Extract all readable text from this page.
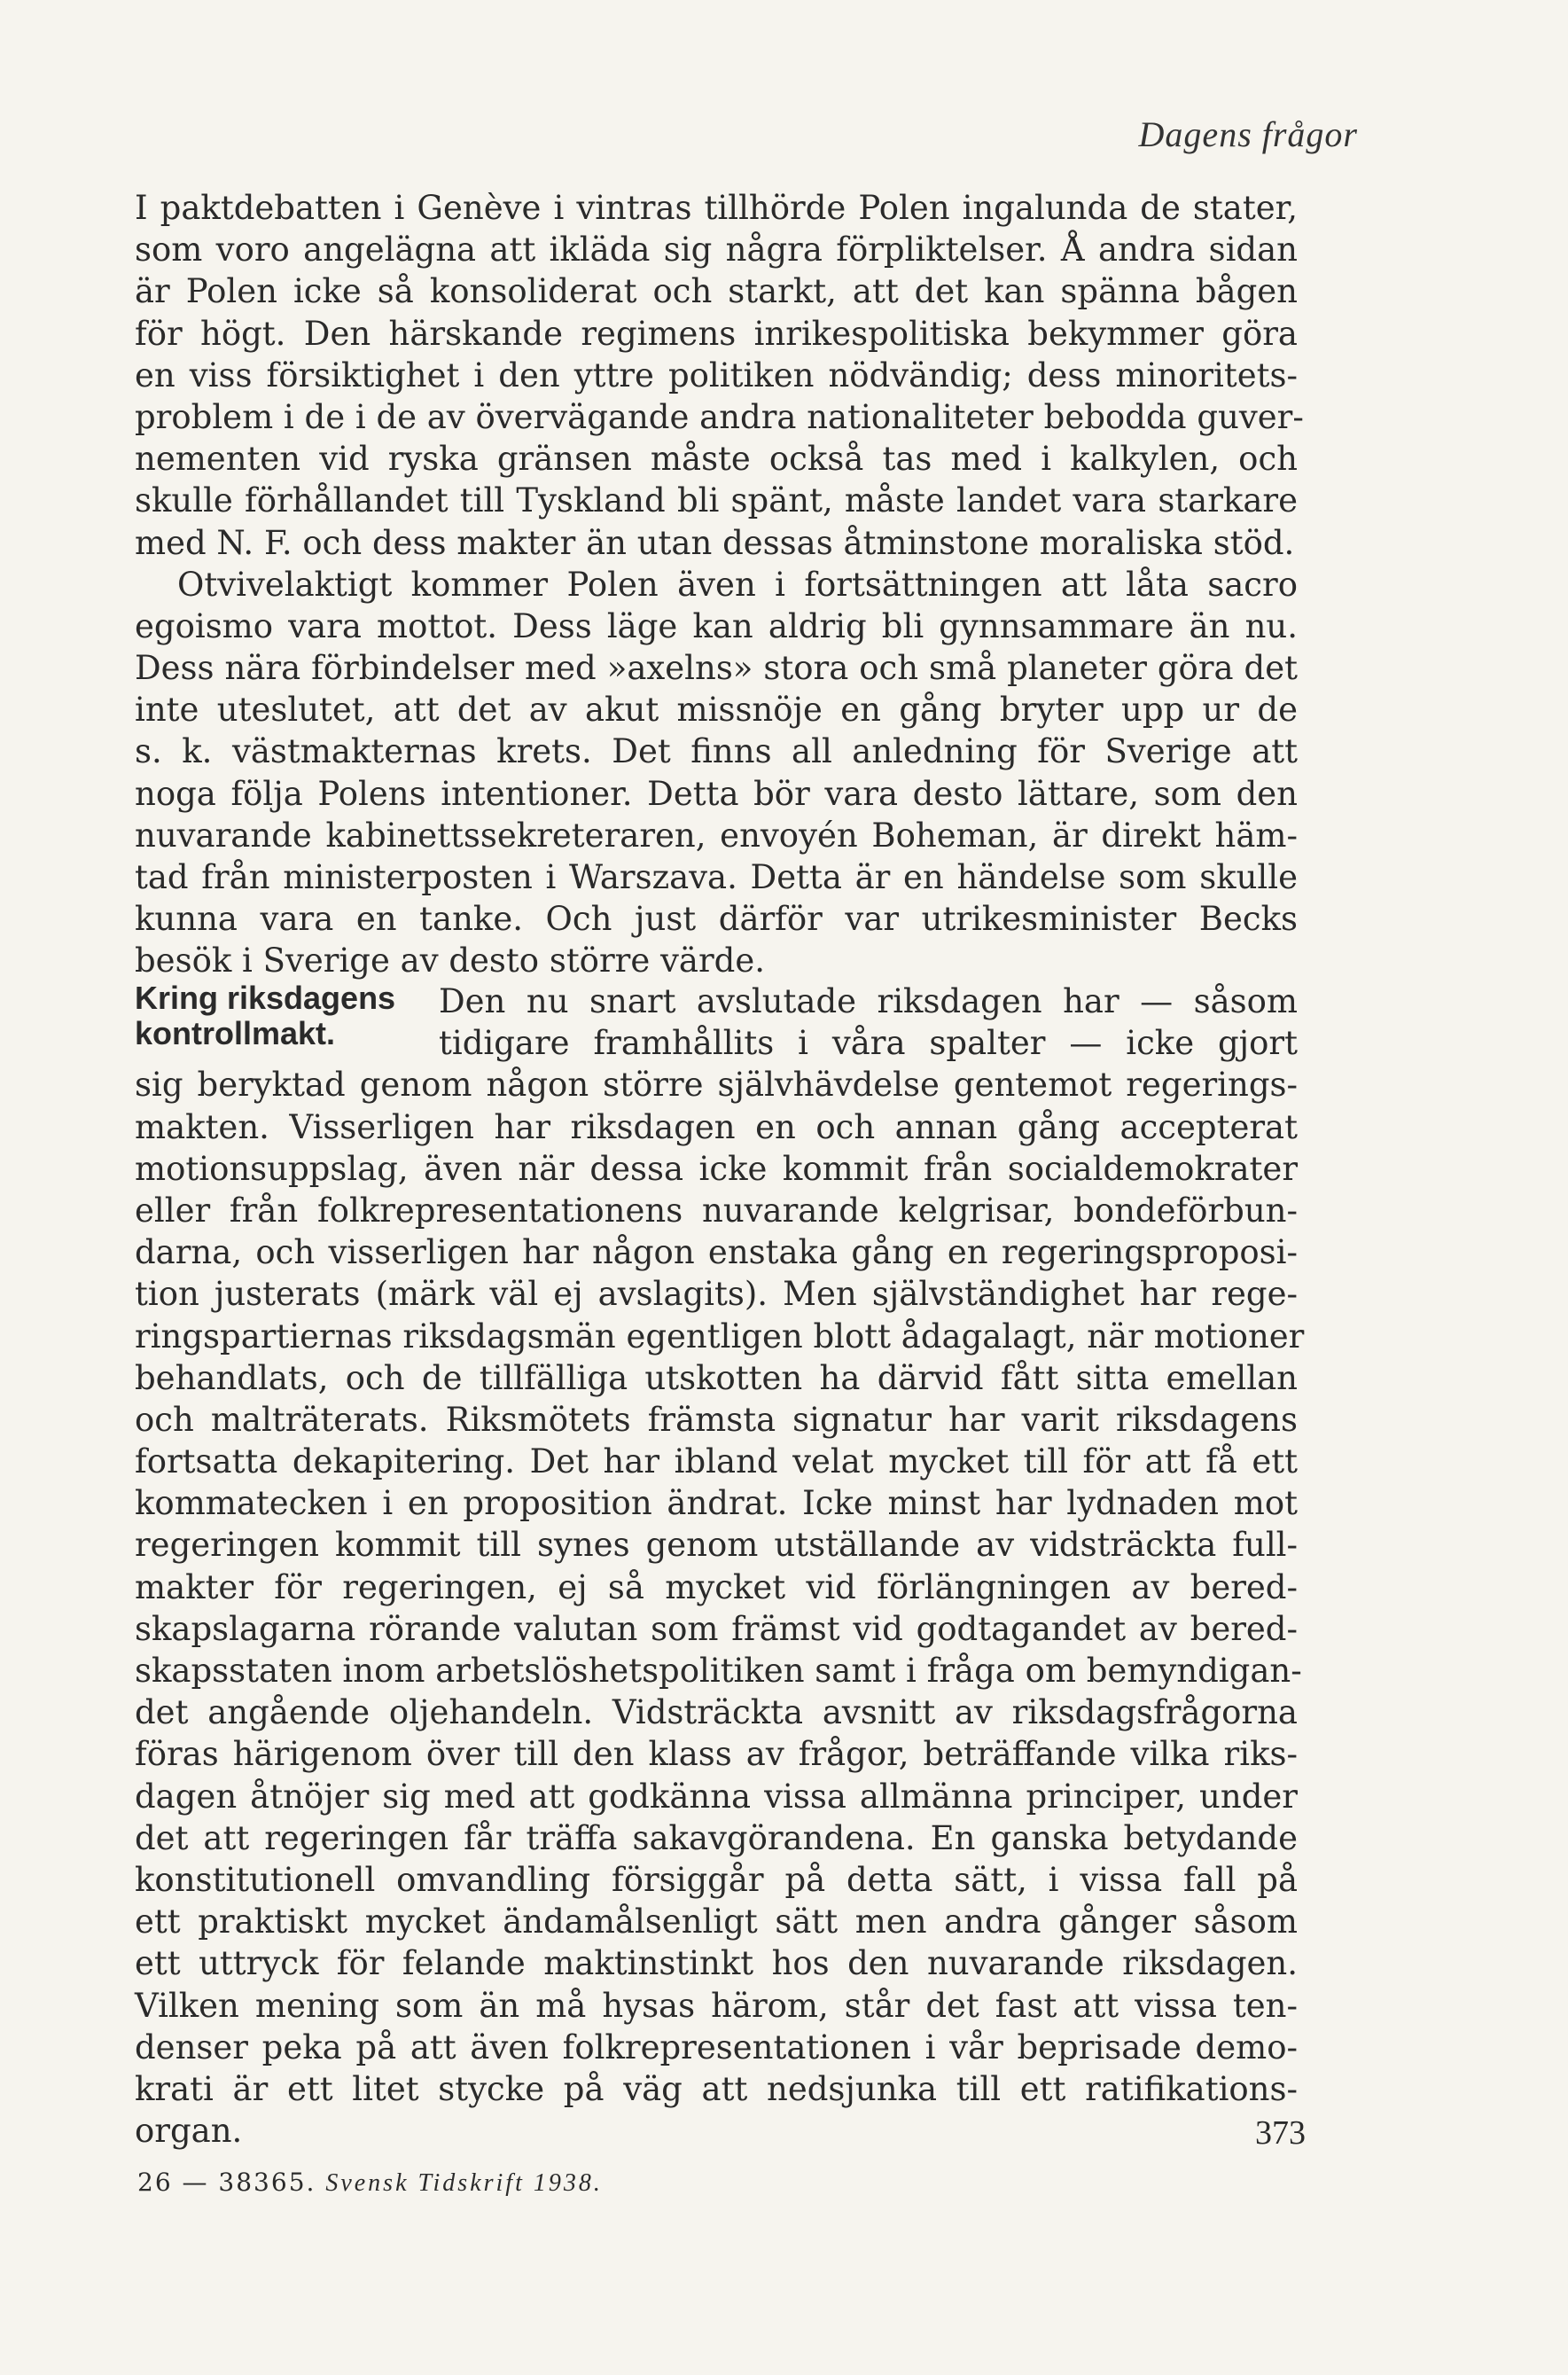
Dagens frågor
I paktdebatten i Genève i vintras tillhörde Polen ingalunda de stater,
som voro angelägna att ikläda sig några förpliktelser. Å andra sidan
är Polen icke så konsoliderat och starkt, att det kan spänna bågen
för högt. Den härskande regimens inrikespolitiska bekymmer göra
en viss försiktighet i den yttre politiken nödvändig; dess minoritets-
problem i de i de av övervägande andra nationaliteter bebodda guver-
nementen vid ryska gränsen måste också tas med i kalkylen, och
skulle förhållandet till Tyskland bli spänt, måste landet vara starkare
med N. F. och dess makter än utan dessas åtminstone moraliska stöd.
Otvivelaktigt kommer Polen även i fortsättningen att låta sacro
egoismo vara mottot. Dess läge kan aldrig bli gynnsammare än nu.
Dess nära förbindelser med »axelns» stora och små planeter göra det
inte uteslutet, att det av akut missnöje en gång bryter upp ur de
s. k. västmakternas krets. Det finns all anledning för Sverige att
noga följa Polens intentioner. Detta bör vara desto lättare, som den
nuvarande kabinettssekreteraren, envoyén Boheman, är direkt häm-
tad från ministerposten i Warszava. Detta är en händelse som skulle
kunna vara en tanke. Och just därför var utrikesminister Becks
besök i Sverige av desto större värde.
Kring riksdagens
kontrollmakt.
Den nu snart avslutade riksdagen har — såsom
tidigare framhållits i våra spalter — icke gjort
sig beryktad genom någon större självhävdelse gentemot regerings-
makten. Visserligen har riksdagen en och annan gång accepterat
motionsuppslag, även när dessa icke kommit från socialdemokrater
eller från folkrepresentationens nuvarande kelgrisar, bondeförbun-
darna, och visserligen har någon enstaka gång en regeringsproposi-
tion justerats (märk väl ej avslagits). Men självständighet har rege-
ringspartiernas riksdagsmän egentligen blott ådagalagt, när motioner
behandlats, och de tillfälliga utskotten ha därvid fått sitta emellan
och malträterats. Riksmötets främsta signatur har varit riksdagens
fortsatta dekapitering. Det har ibland velat mycket till för att få ett
kommatecken i en proposition ändrat. Icke minst har lydnaden mot
regeringen kommit till synes genom utställande av vidsträckta full-
makter för regeringen, ej så mycket vid förlängningen av bered-
skapslagarna rörande valutan som främst vid godtagandet av bered-
skapsstaten inom arbetslöshetspolitiken samt i fråga om bemyndigan-
det angående oljehandeln. Vidsträckta avsnitt av riksdagsfrågorna
föras härigenom över till den klass av frågor, beträffande vilka riks-
dagen åtnöjer sig med att godkänna vissa allmänna principer, under
det att regeringen får träffa sakavgörandena. En ganska betydande
konstitutionell omvandling försiggår på detta sätt, i vissa fall på
ett praktiskt mycket ändamålsenligt sätt men andra gånger såsom
ett uttryck för felande maktinstinkt hos den nuvarande riksdagen.
Vilken mening som än må hysas härom, står det fast att vissa ten-
denser peka på att även folkrepresentationen i vår beprisade demo-
krati är ett litet stycke på väg att nedsjunka till ett ratifikations-
organ.	373
26 — 38365. Svensk Tidskrift 1938.
